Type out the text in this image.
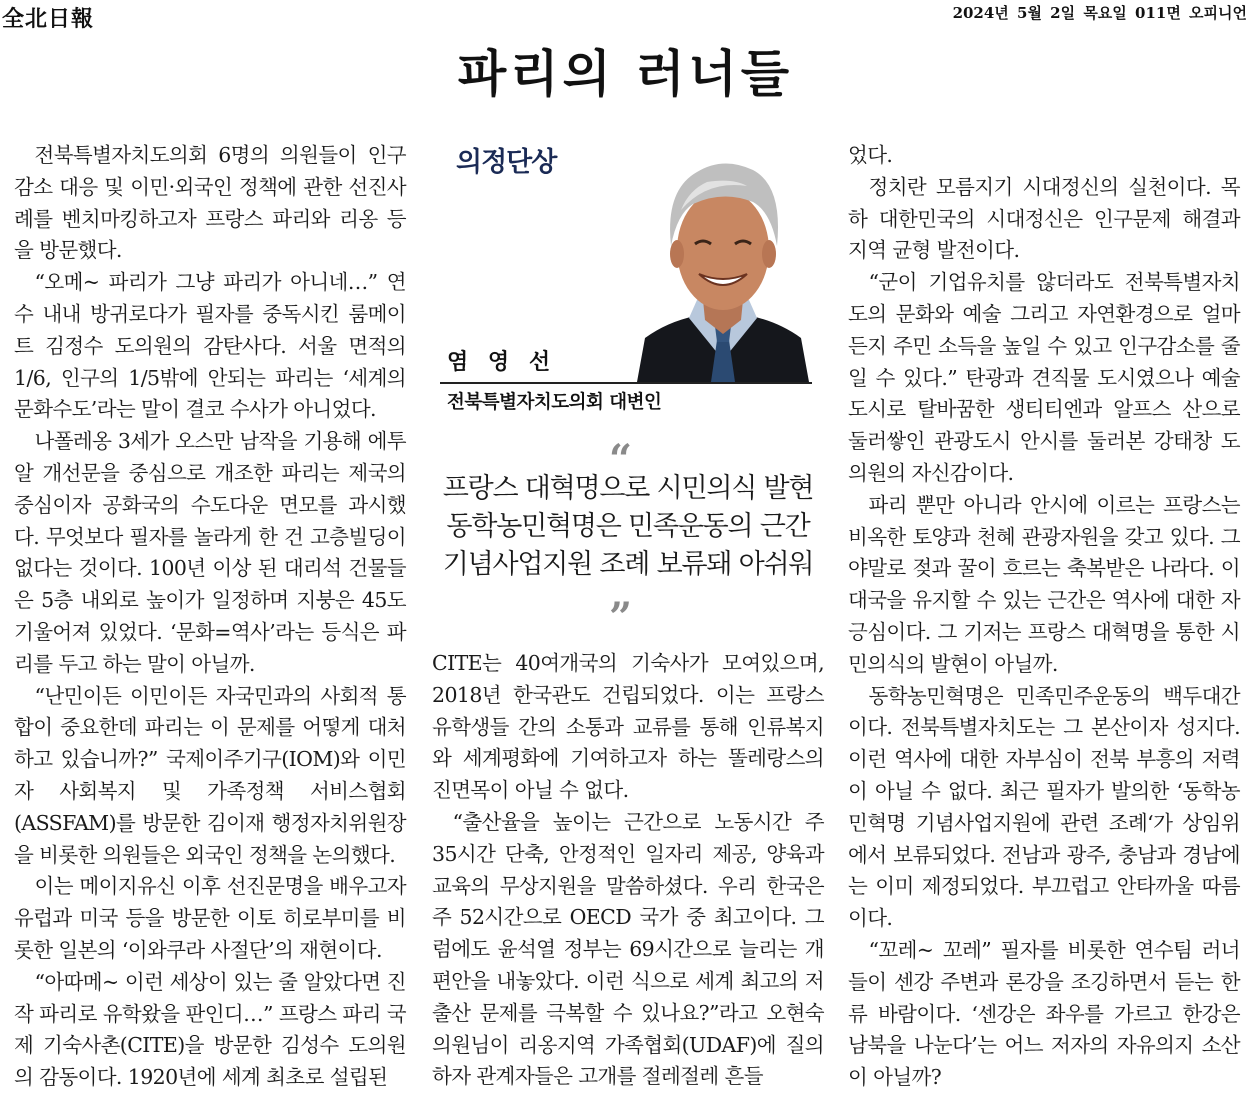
全北日報	2024년 5월 2일 목요일 011면 오피니언
파리의 러너들

전북특별자치도의회 6명의 의원들이 인구감소 대응 및 이민·외국인 정책에 관한 선진사례를 벤치마킹하고자 프랑스 파리와 리옹 등을 방문했다.

“오메~ 파리가 그냥 파리가 아니네…” 연수 내내 방귀로다가 필자를 중독시킨 룸메이트 김정수 도의원의 감탄사다. 서울 면적의 1/6, 인구의 1/5밖에 안되는 파리는 ‘세계의 문화수도’라는 말이 결코 수사가 아니었다.

나폴레옹 3세가 오스만 남작을 기용해 에투알 개선문을 중심으로 개조한 파리는 제국의 중심이자 공화국의 수도다운 면모를 과시했다. 무엇보다 필자를 놀라게 한 건 고층빌딩이 없다는 것이다. 100년 이상 된 대리석 건물들은 5층 내외로 높이가 일정하며 지붕은 45도 기울어져 있었다. ‘문화=역사’라는 등식은 파리를 두고 하는 말이 아닐까.

“난민이든 이민이든 자국민과의 사회적 통합이 중요한데 파리는 이 문제를 어떻게 대처하고 있습니까?” 국제이주기구(IOM)와 이민자 사회복지 및 가족정책 서비스협회(ASSFAM)를 방문한 김이재 행정자치위원장을 비롯한 의원들은 외국인 정책을 논의했다.

이는 메이지유신 이후 선진문명을 배우고자 유럽과 미국 등을 방문한 이토 히로부미를 비롯한 일본의 ‘이와쿠라 사절단’의 재현이다.

“아따메~ 이런 세상이 있는 줄 알았다면 진작 파리로 유학왔을 판인디…” 프랑스 파리 국제 기숙사촌(CITE)을 방문한 김성수 도의원의 감동이다. 1920년에 세계 최초로 설립된

의정단상
염 영 선
전북특별자치도의회 대변인
“
프랑스 대혁명으로 시민의식 발현
동학농민혁명은 민족운동의 근간
기념사업지원 조례 보류돼 아쉬워
”

CITE는 40여개국의 기숙사가 모여있으며, 2018년 한국관도 건립되었다. 이는 프랑스 유학생들 간의 소통과 교류를 통해 인류복지와 세계평화에 기여하고자 하는 똘레랑스의 진면목이 아닐 수 없다.

“출산율을 높이는 근간으로 노동시간 주 35시간 단축, 안정적인 일자리 제공, 양육과 교육의 무상지원을 말씀하셨다. 우리 한국은 주 52시간으로 OECD 국가 중 최고이다. 그럼에도 윤석열 정부는 69시간으로 늘리는 개편안을 내놓았다. 이런 식으로 세계 최고의 저출산 문제를 극복할 수 있나요?”라고 오현숙 의원님이 리옹지역 가족협회(UDAF)에 질의하자 관계자들은 고개를 절레절레 흔들

었다.

정치란 모름지기 시대정신의 실천이다. 목하 대한민국의 시대정신은 인구문제 해결과 지역 균형 발전이다.

“군이 기업유치를 않더라도 전북특별자치도의 문화와 예술 그리고 자연환경으로 얼마든지 주민 소득을 높일 수 있고 인구감소를 줄일 수 있다.” 탄광과 견직물 도시였으나 예술도시로 탈바꿈한 생티티엔과 알프스 산으로 둘러쌓인 관광도시 안시를 둘러본 강태창 도의원의 자신감이다.

파리 뿐만 아니라 안시에 이르는 프랑스는 비옥한 토양과 천혜 관광자원을 갖고 있다. 그야말로 젖과 꿀이 흐르는 축복받은 나라다. 이 대국을 유지할 수 있는 근간은 역사에 대한 자긍심이다. 그 기저는 프랑스 대혁명을 통한 시민의식의 발현이 아닐까.

동학농민혁명은 민족민주운동의 백두대간이다. 전북특별자치도는 그 본산이자 성지다. 이런 역사에 대한 자부심이 전북 부흥의 저력이 아닐 수 없다. 최근 필자가 발의한 ‘동학농민혁명 기념사업지원에 관련 조례‘가 상임위에서 보류되었다. 전남과 광주, 충남과 경남에는 이미 제정되었다. 부끄럽고 안타까울 따름이다.

“꼬레~ 꼬레” 필자를 비롯한 연수팀 러너들이 센강 주변과 론강을 조깅하면서 듣는 한류 바람이다. ‘센강은 좌우를 가르고 한강은 남북을 나눈다’는 어느 저자의 자유의지 소산이 아닐까?
